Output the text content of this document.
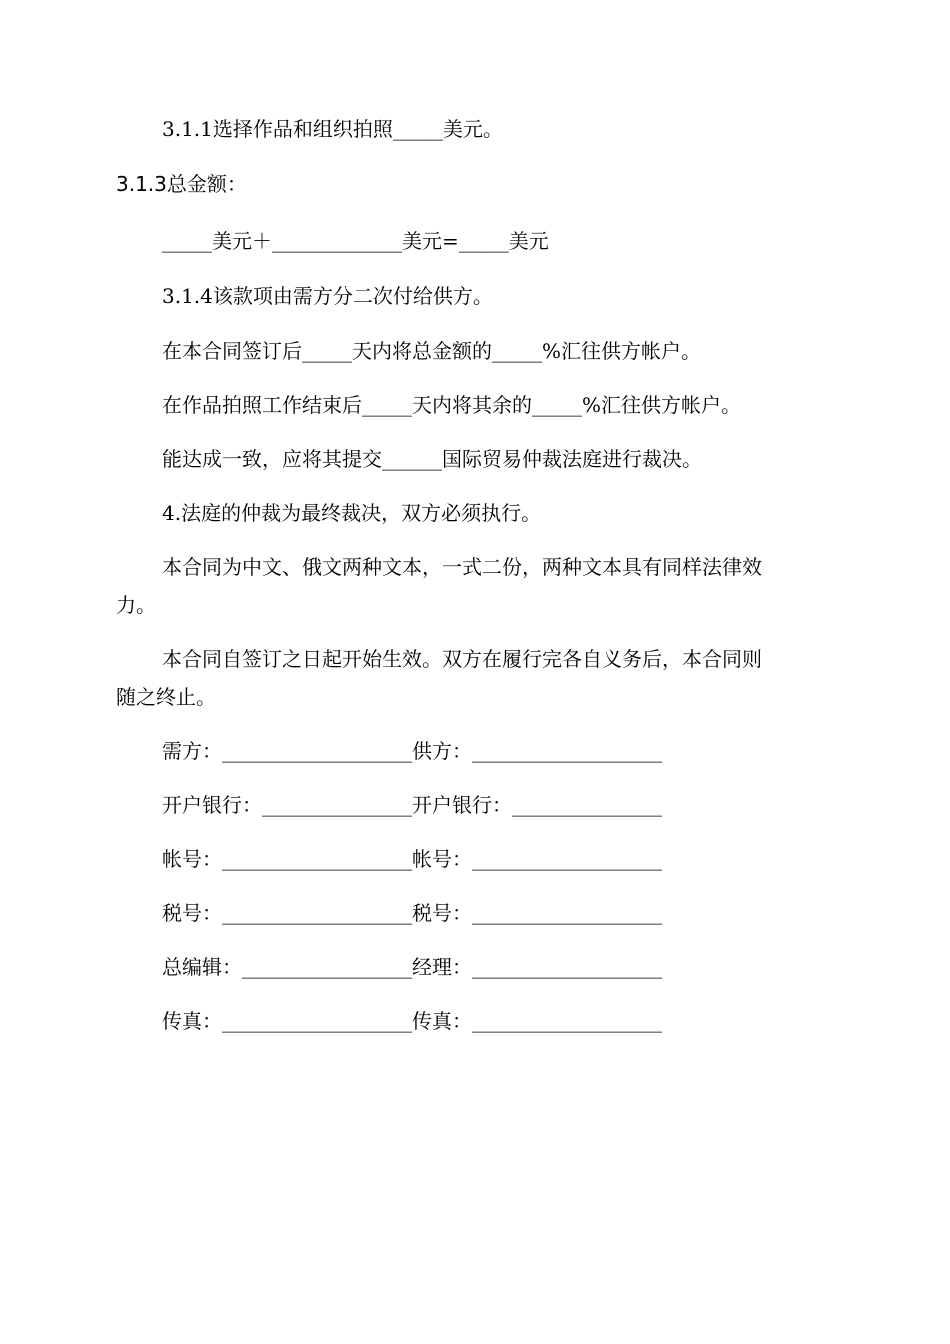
3.1.1选择作品和组织拍照_____美元。
3.1.3总金额：
_____美元＋_____________美元=_____美元
3.1.4该款项由需方分二次付给供方。
在本合同签订后_____天内将总金额的_____%汇往供方帐户。
在作品拍照工作结束后_____天内将其余的_____%汇往供方帐户。
能达成一致，应将其提交______国际贸易仲裁法庭进行裁决。
4.法庭的仲裁为最终裁决，双方必须执行。
本合同为中文、俄文两种文本，一式二份，两种文本具有同样法律效
力。
本合同自签订之日起开始生效。双方在履行完各自义务后，本合同则
随之终止。
需方：___________________供方：___________________
开户银行：_______________开户银行：_______________
帐号：___________________帐号：___________________
税号：___________________税号：___________________
总编辑：_________________经理：___________________
传真：___________________传真：___________________
